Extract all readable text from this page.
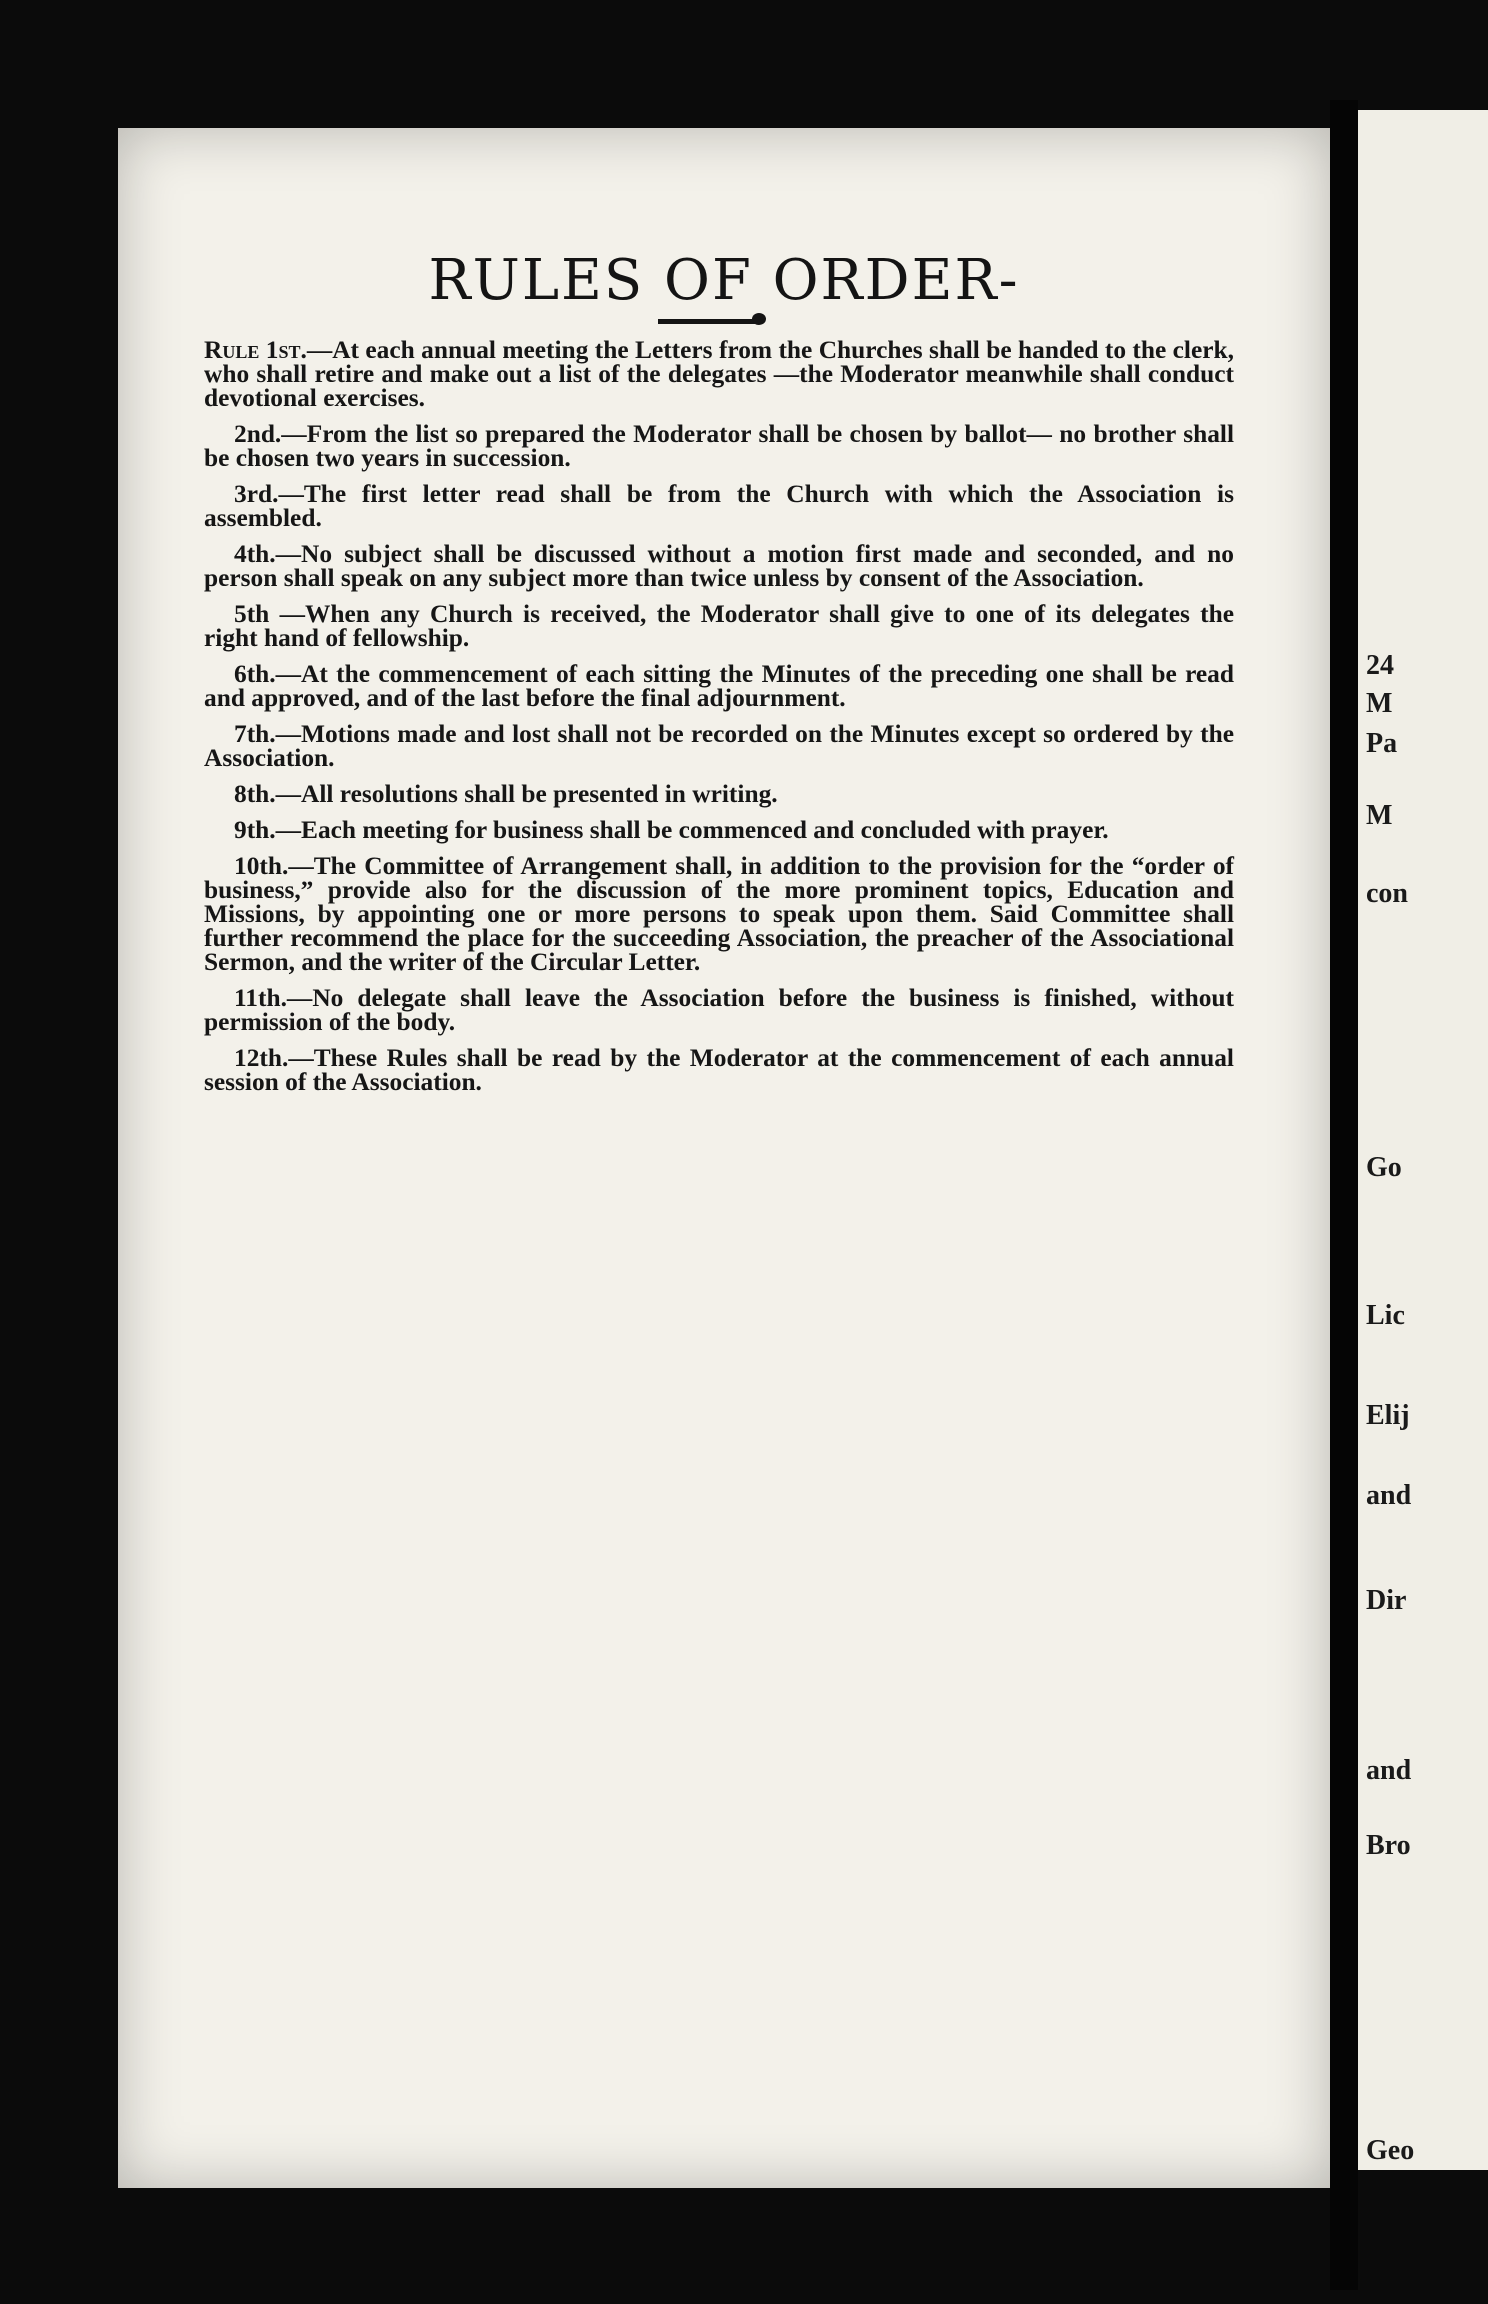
RULES OF ORDER-

Rule 1st.—At each annual meeting the Letters from the Churches shall be handed to the clerk, who shall retire and make out a list of the delegates —the Moderator meanwhile shall conduct devotional exercises.

2nd.—From the list so prepared the Moderator shall be chosen by ballot— no brother shall be chosen two years in succession.

3rd.—The first letter read shall be from the Church with which the Association is assembled.

4th.—No subject shall be discussed without a motion first made and seconded, and no person shall speak on any subject more than twice unless by consent of the Association.

5th —When any Church is received, the Moderator shall give to one of its delegates the right hand of fellowship.

6th.—At the commencement of each sitting the Minutes of the preceding one shall be read and approved, and of the last before the final adjournment.

7th.—Motions made and lost shall not be recorded on the Minutes except so ordered by the Association.

8th.—All resolutions shall be presented in writing.

9th.—Each meeting for business shall be commenced and concluded with prayer.

10th.—The Committee of Arrangement shall, in addition to the provision for the “order of business,” provide also for the discussion of the more prominent topics, Education and Missions, by appointing one or more persons to speak upon them. Said Committee shall further recommend the place for the succeeding Association, the preacher of the Associational Sermon, and the writer of the Circular Letter.

11th.—No delegate shall leave the Association before the business is finished, without permission of the body.

12th.—These Rules shall be read by the Moderator at the commencement of each annual session of the Association.

24
M
Pa
M
con
Go
Lic
Elij
and
Dir
and
Bro
Geo
